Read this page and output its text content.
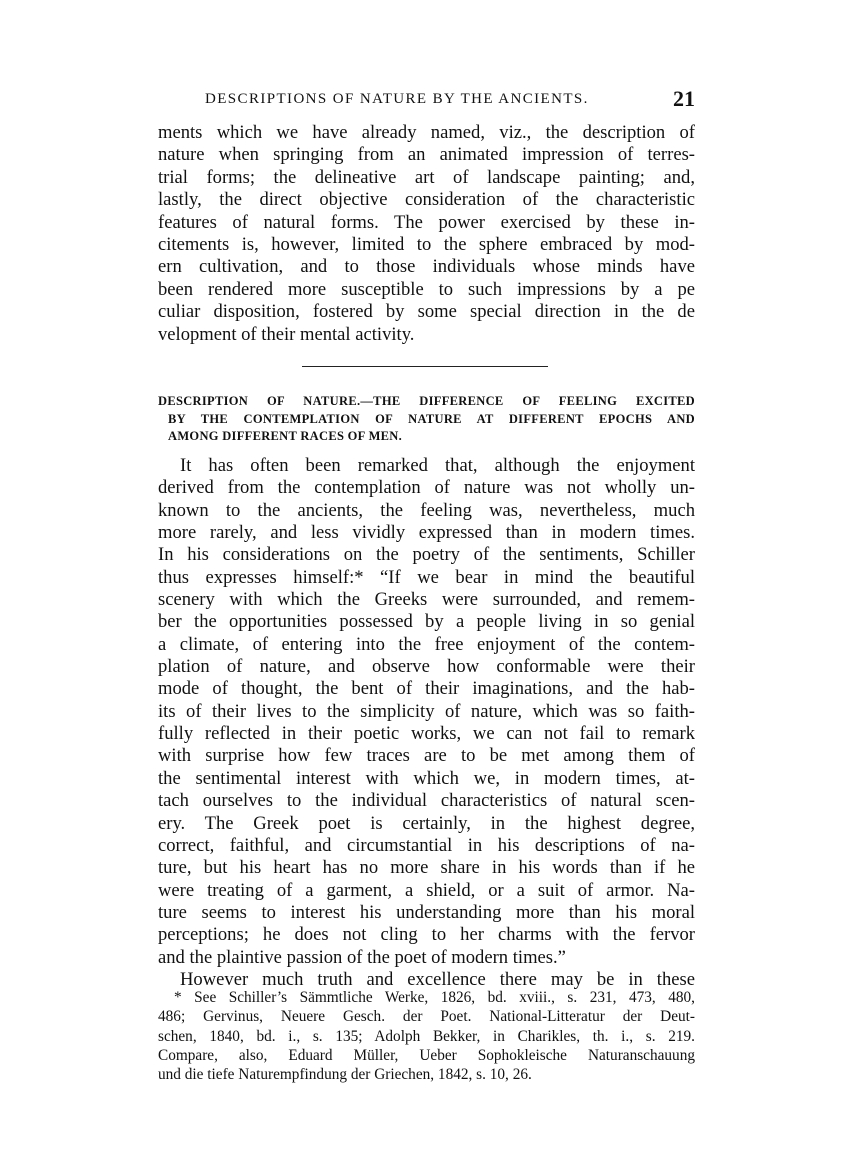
DESCRIPTIONS OF NATURE BY THE ANCIENTS.	21
ments which we have already named, viz., the description of
nature when springing from an animated impression of terres-
trial forms; the delineative art of landscape painting; and,
lastly, the direct objective consideration of the characteristic
features of natural forms. The power exercised by these in-
citements is, however, limited to the sphere embraced by mod-
ern cultivation, and to those individuals whose minds have
been rendered more susceptible to such impressions by a pe
culiar disposition, fostered by some special direction in the de
velopment of their mental activity.
DESCRIPTION OF NATURE.—THE DIFFERENCE OF FEELING EXCITED
BY THE CONTEMPLATION OF NATURE AT DIFFERENT EPOCHS AND
AMONG DIFFERENT RACES OF MEN.
It has often been remarked that, although the enjoyment
derived from the contemplation of nature was not wholly un-
known to the ancients, the feeling was, nevertheless, much
more rarely, and less vividly expressed than in modern times.
In his considerations on the poetry of the sentiments, Schiller
thus expresses himself:* “If we bear in mind the beautiful
scenery with which the Greeks were surrounded, and remem-
ber the opportunities possessed by a people living in so genial
a climate, of entering into the free enjoyment of the contem-
plation of nature, and observe how conformable were their
mode of thought, the bent of their imaginations, and the hab-
its of their lives to the simplicity of nature, which was so faith-
fully reflected in their poetic works, we can not fail to remark
with surprise how few traces are to be met among them of
the sentimental interest with which we, in modern times, at-
tach ourselves to the individual characteristics of natural scen-
ery. The Greek poet is certainly, in the highest degree,
correct, faithful, and circumstantial in his descriptions of na-
ture, but his heart has no more share in his words than if he
were treating of a garment, a shield, or a suit of armor. Na-
ture seems to interest his understanding more than his moral
perceptions; he does not cling to her charms with the fervor
and the plaintive passion of the poet of modern times.”
However much truth and excellence there may be in these
* See Schiller’s Sämmtliche Werke, 1826, bd. xviii., s. 231, 473, 480,
486; Gervinus, Neuere Gesch. der Poet. National-Litteratur der Deut-
schen, 1840, bd. i., s. 135; Adolph Bekker, in Charikles, th. i., s. 219.
Compare, also, Eduard Müller, Ueber Sophokleische Naturanschauung
und die tiefe Naturempfindung der Griechen, 1842, s. 10, 26.
